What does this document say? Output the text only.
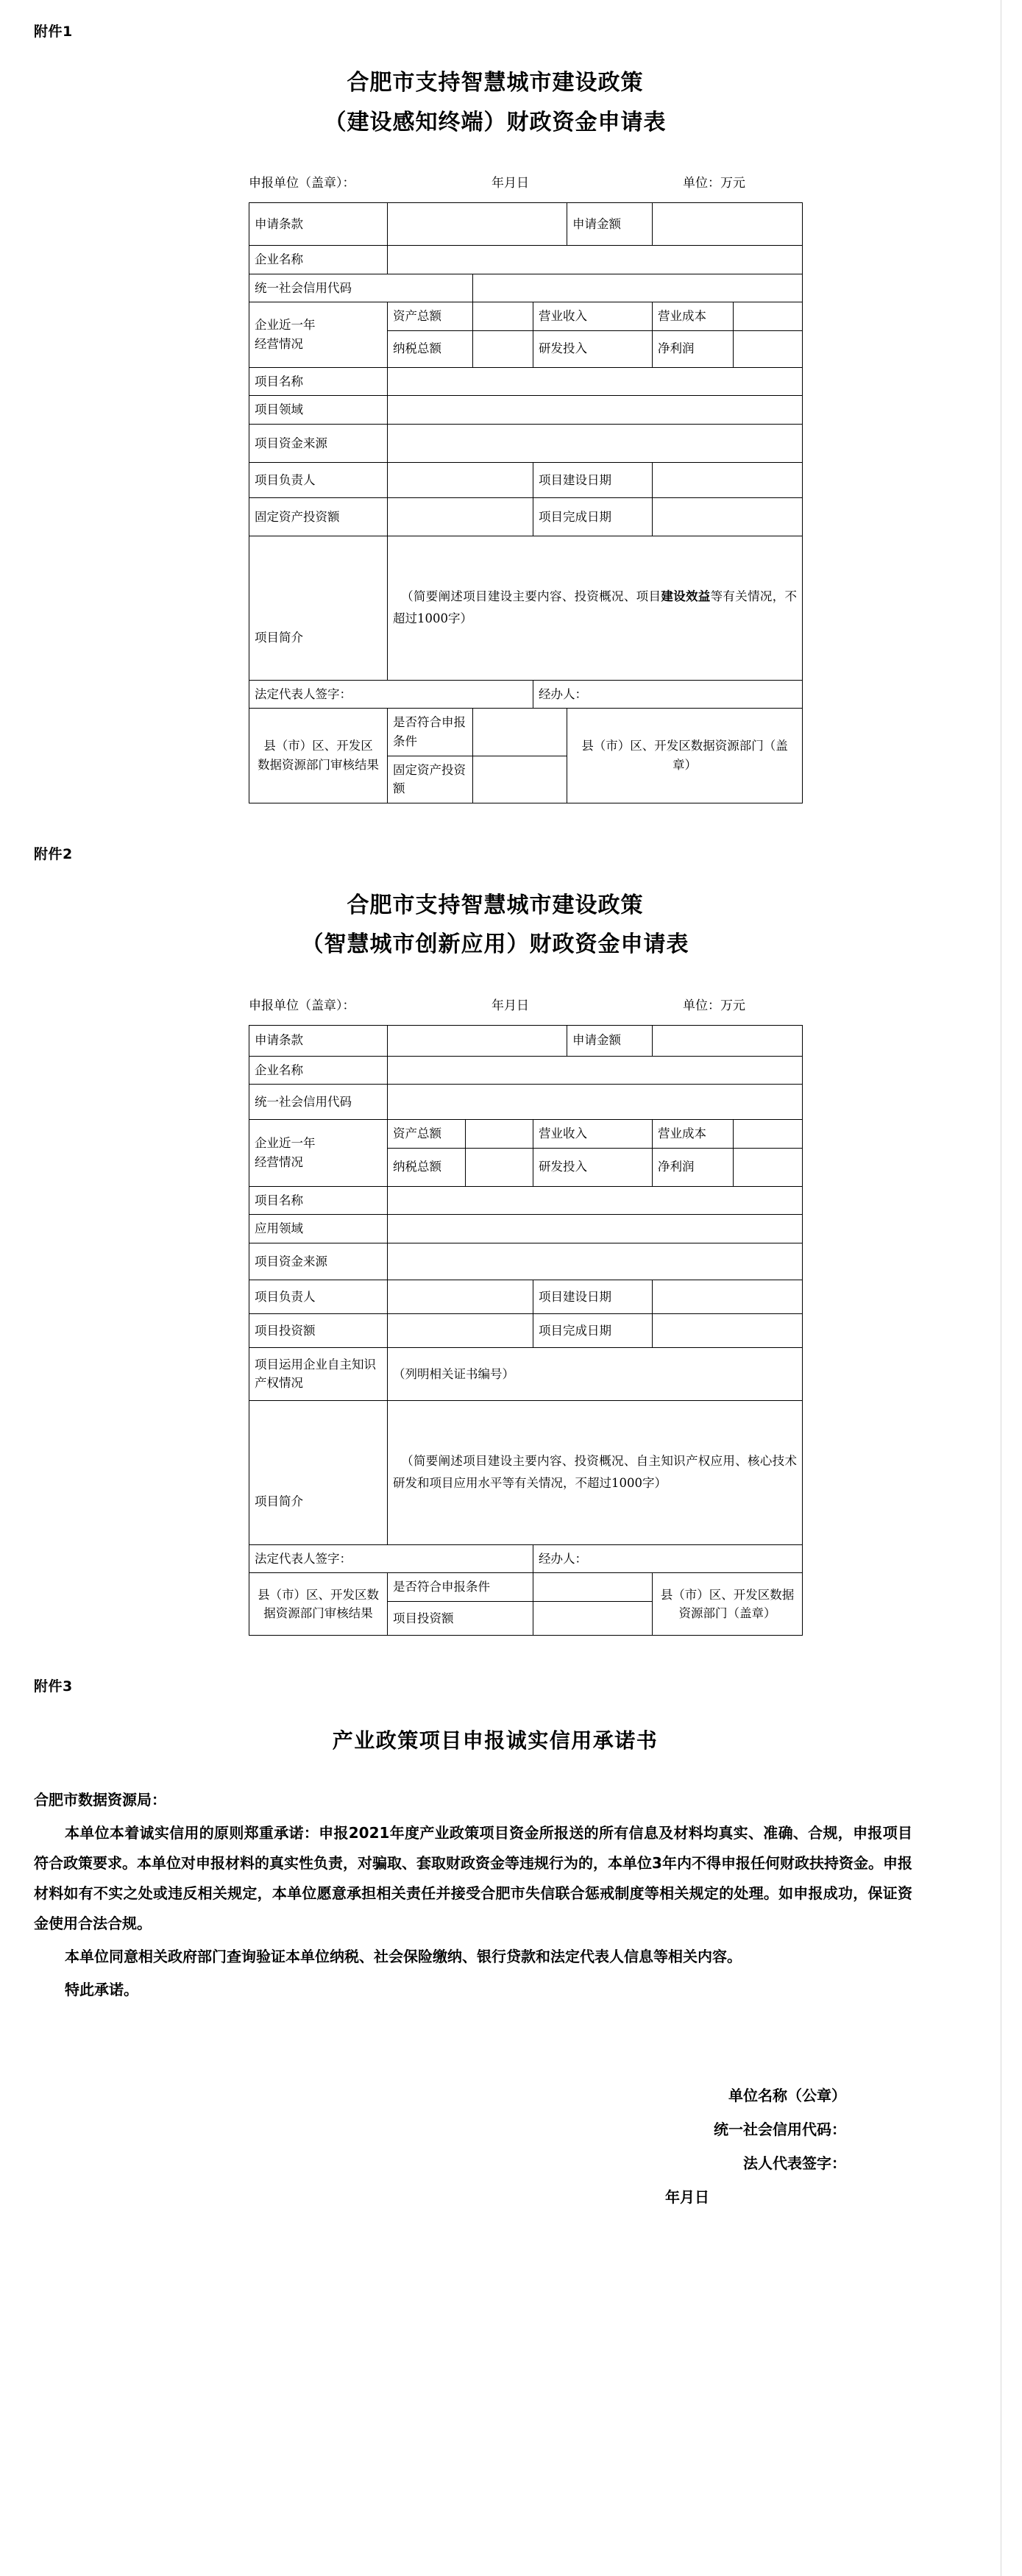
附件1
合肥市支持智慧城市建设政策
（建设感知终端）财政资金申请表
申报单位（盖章）：	年月日	单位：万元
申请条款				申请金额		
企业名称						
统一社会信用代码						
企业近一年
经营情况	资产总额		营业收入		营业成本	
	纳税总额		研发投入		净利润	
项目名称						
项目领域						
项目资金来源						
项目负责人			项目建设日期			
固定资产投资额			项目完成日期			

项目简介	（简要阐述项目建设主要内容、投资概况、项目建设效益等有关情况，不超过1000字）					
法定代表人签字：			经办人：			

县（市）区、开发区
数据资源部门审核结果	是否符合申报条件			县（市）区、开发区数据资源部门（盖章）		
	固定资产投资额					
附件2
合肥市支持智慧城市建设政策
（智慧城市创新应用）财政资金申请表
申报单位（盖章）：	年月日	单位：万元
申请条款				申请金额		
企业名称						
统一社会信用代码						
企业近一年
经营情况	资产总额		营业收入		营业成本	
	纳税总额		研发投入		净利润	
项目名称						
应用领域						
项目资金来源						
项目负责人			项目建设日期			
项目投资额			项目完成日期			
项目运用企业自主知识产权情况	（列明相关证书编号）					

项目简介	（简要阐述项目建设主要内容、投资概况、自主知识产权应用、核心技术研发和项目应用水平等有关情况，不超过1000字）					
法定代表人签字：			经办人：			
县（市）区、开发区数据资源部门审核结果	是否符合申报条件				县（市）区、开发区数据资源部门（盖章）	
	项目投资额					
附件3
产业政策项目申报诚实信用承诺书

合肥市数据资源局：

本单位本着诚实信用的原则郑重承诺：申报2021年度产业政策项目资金所报送的所有信息及材料均真实、准确、合规，申报项目符合政策要求。本单位对申报材料的真实性负责，对骗取、套取财政资金等违规行为的，本单位3年内不得申报任何财政扶持资金。申报材料如有不实之处或违反相关规定，本单位愿意承担相关责任并接受合肥市失信联合惩戒制度等相关规定的处理。如申报成功，保证资金使用合法合规。

本单位同意相关政府部门查询验证本单位纳税、社会保险缴纳、银行贷款和法定代表人信息等相关内容。

特此承诺。

单位名称（公章）
统一社会信用代码：
法人代表签字：
年月日
